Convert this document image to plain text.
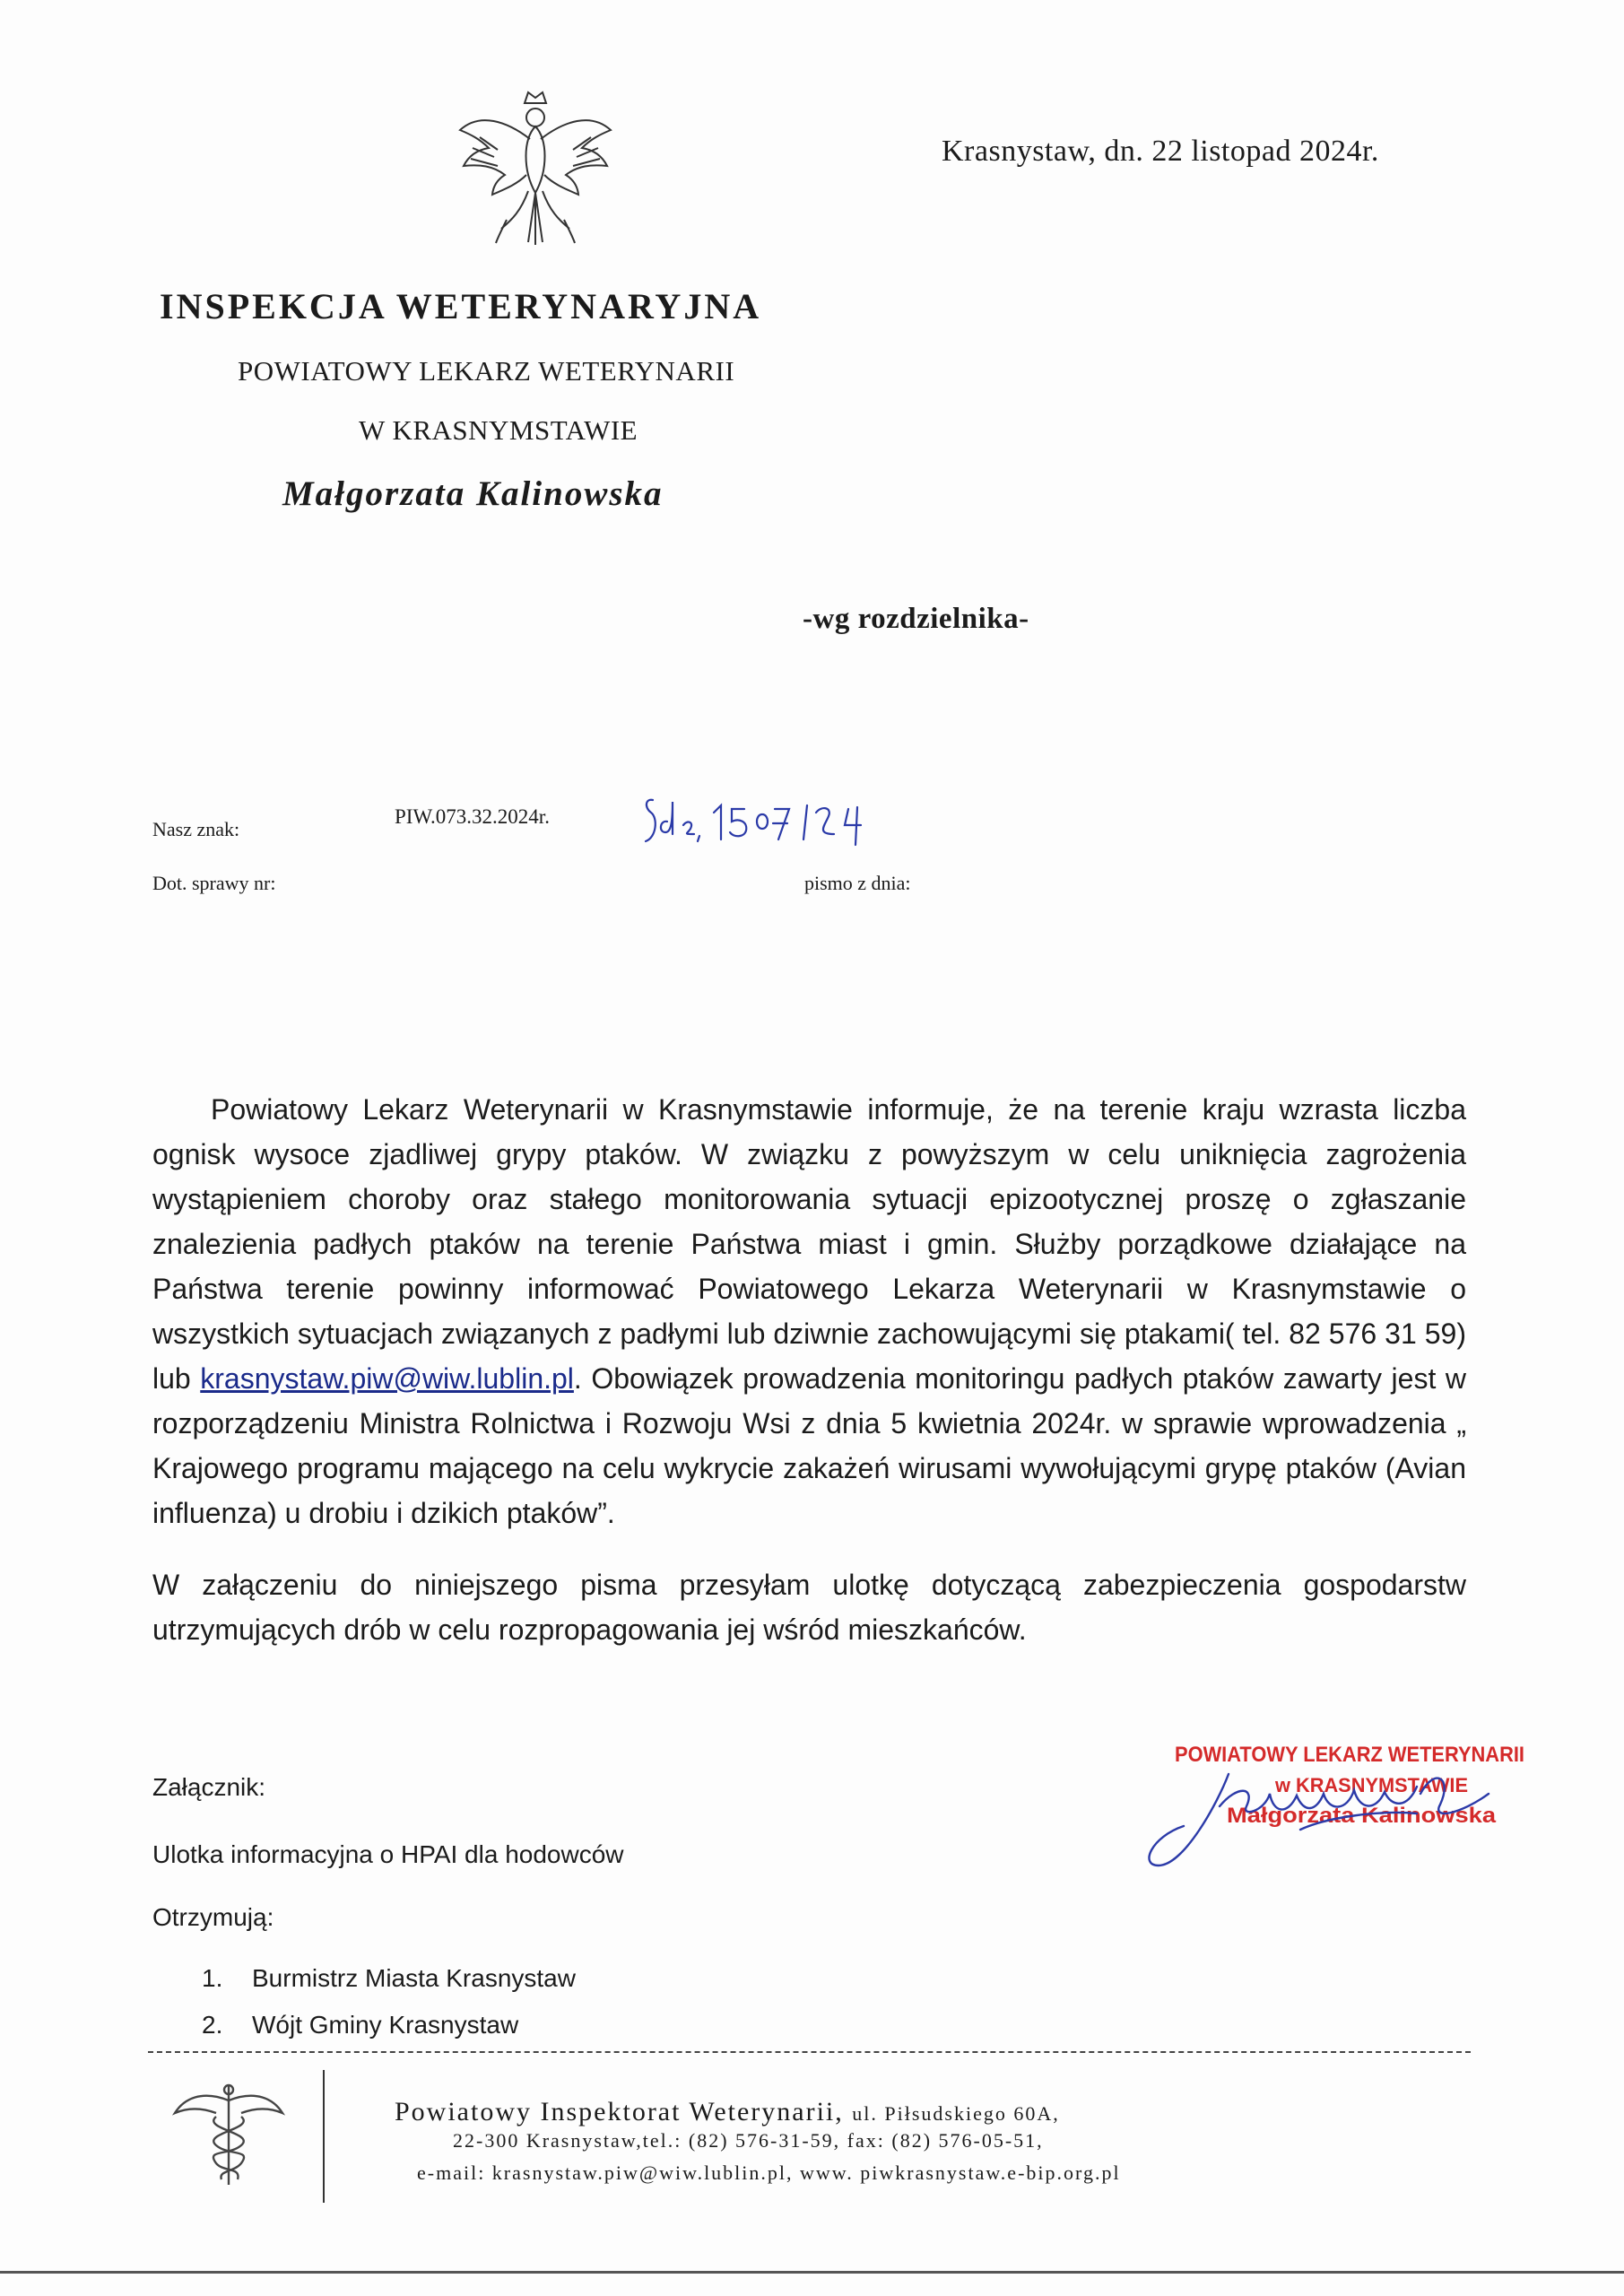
Krasnystaw, dn. 22 listopad 2024r.
INSPEKCJA WETERYNARYJNA
POWIATOWY LEKARZ WETERYNARII
W KRASNYMSTAWIE
Małgorzata Kalinowska
-wg rozdzielnika-
Nasz znak:
PIW.073.32.2024r.
Dot. sprawy nr:	pismo z dnia:

Powiatowy Lekarz Weterynarii w Krasnymstawie informuje, że na terenie kraju wzrasta liczba ognisk wysoce zjadliwej grypy ptaków. W związku z powyższym w celu uniknięcia zagrożenia wystąpieniem choroby oraz stałego monitorowania sytuacji epizootycznej proszę o zgłaszanie znalezienia padłych ptaków na terenie Państwa miast i gmin. Służby porządkowe działające na Państwa terenie powinny informować Powiatowego Lekarza Weterynarii w Krasnymstawie o wszystkich sytuacjach związanych z padłymi lub dziwnie zachowującymi się ptakami( tel. 82 576 31 59) lub krasnystaw.piw@wiw.lublin.pl. Obowiązek prowadzenia monitoringu padłych ptaków zawarty jest w rozporządzeniu Ministra Rolnictwa i Rozwoju Wsi z dnia 5 kwietnia 2024r. w sprawie wprowadzenia „ Krajowego programu mającego na celu wykrycie zakażeń wirusami wywołującymi grypę ptaków (Avian influenza) u drobiu i dzikich ptaków”.

W załączeniu do niniejszego pisma przesyłam ulotkę dotyczącą zabezpieczenia gospodarstw utrzymujących drób w celu rozpropagowania jej wśród mieszkańców.

Załącznik:
Ulotka informacyjna o HPAI dla hodowców
Otrzymują:
1. Burmistrz Miasta Krasnystaw
2. Wójt Gminy Krasnystaw
POWIATOWY LEKARZ WETERYNARII
w KRASNYMSTAWIE
Małgorzata Kalinowska
Powiatowy Inspektorat Weterynarii, ul. Piłsudskiego 60A,
22-300 Krasnystaw,tel.: (82) 576-31-59, fax: (82) 576-05-51,
e-mail: krasnystaw.piw@wiw.lublin.pl, www. piwkrasnystaw.e-bip.org.pl
